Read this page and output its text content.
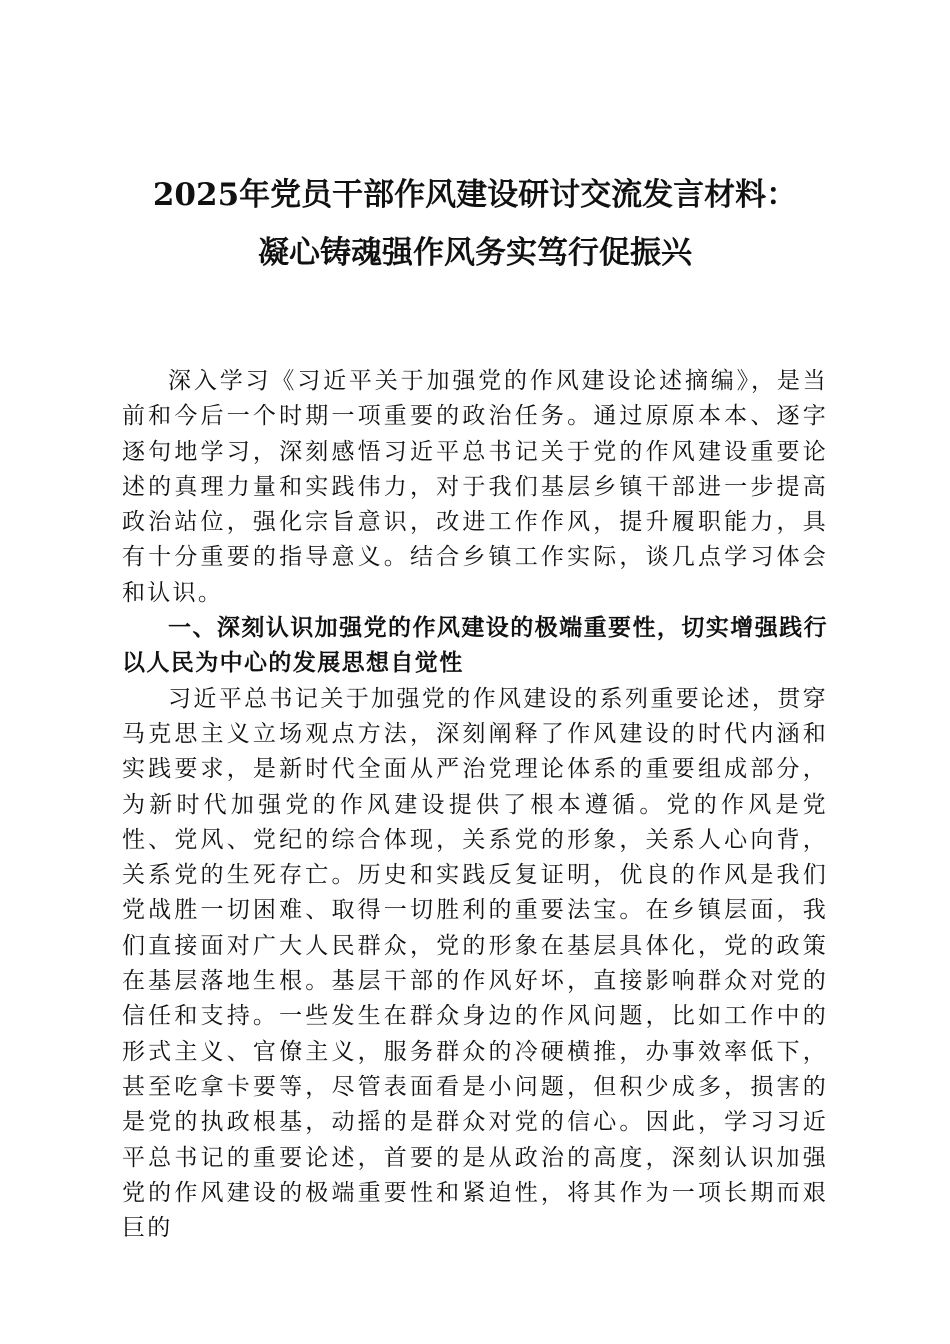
2025年党员干部作风建设研讨交流发言材料：
凝心铸魂强作风务实笃行促振兴

深入学习《习近平关于加强党的作风建设论述摘编》，是当前和今后一个时期一项重要的政治任务。通过原原本本、逐字逐句地学习，深刻感悟习近平总书记关于党的作风建设重要论述的真理力量和实践伟力，对于我们基层乡镇干部进一步提高政治站位，强化宗旨意识，改进工作作风，提升履职能力，具有十分重要的指导意义。结合乡镇工作实际，谈几点学习体会和认识。

一、深刻认识加强党的作风建设的极端重要性，切实增强践行以人民为中心的发展思想自觉性

习近平总书记关于加强党的作风建设的系列重要论述，贯穿马克思主义立场观点方法，深刻阐释了作风建设的时代内涵和实践要求，是新时代全面从严治党理论体系的重要组成部分，为新时代加强党的作风建设提供了根本遵循。党的作风是党性、党风、党纪的综合体现，关系党的形象，关系人心向背，关系党的生死存亡。历史和实践反复证明，优良的作风是我们党战胜一切困难、取得一切胜利的重要法宝。在乡镇层面，我们直接面对广大人民群众，党的形象在基层具体化，党的政策在基层落地生根。基层干部的作风好坏，直接影响群众对党的信任和支持。一些发生在群众身边的作风问题，比如工作中的形式主义、官僚主义，服务群众的冷硬横推，办事效率低下，甚至吃拿卡要等，尽管表面看是小问题，但积少成多，损害的是党的执政根基，动摇的是群众对党的信心。因此，学习习近平总书记的重要论述，首要的是从政治的高度，深刻认识加强党的作风建设的极端重要性和紧迫性，将其作为一项长期而艰巨的
